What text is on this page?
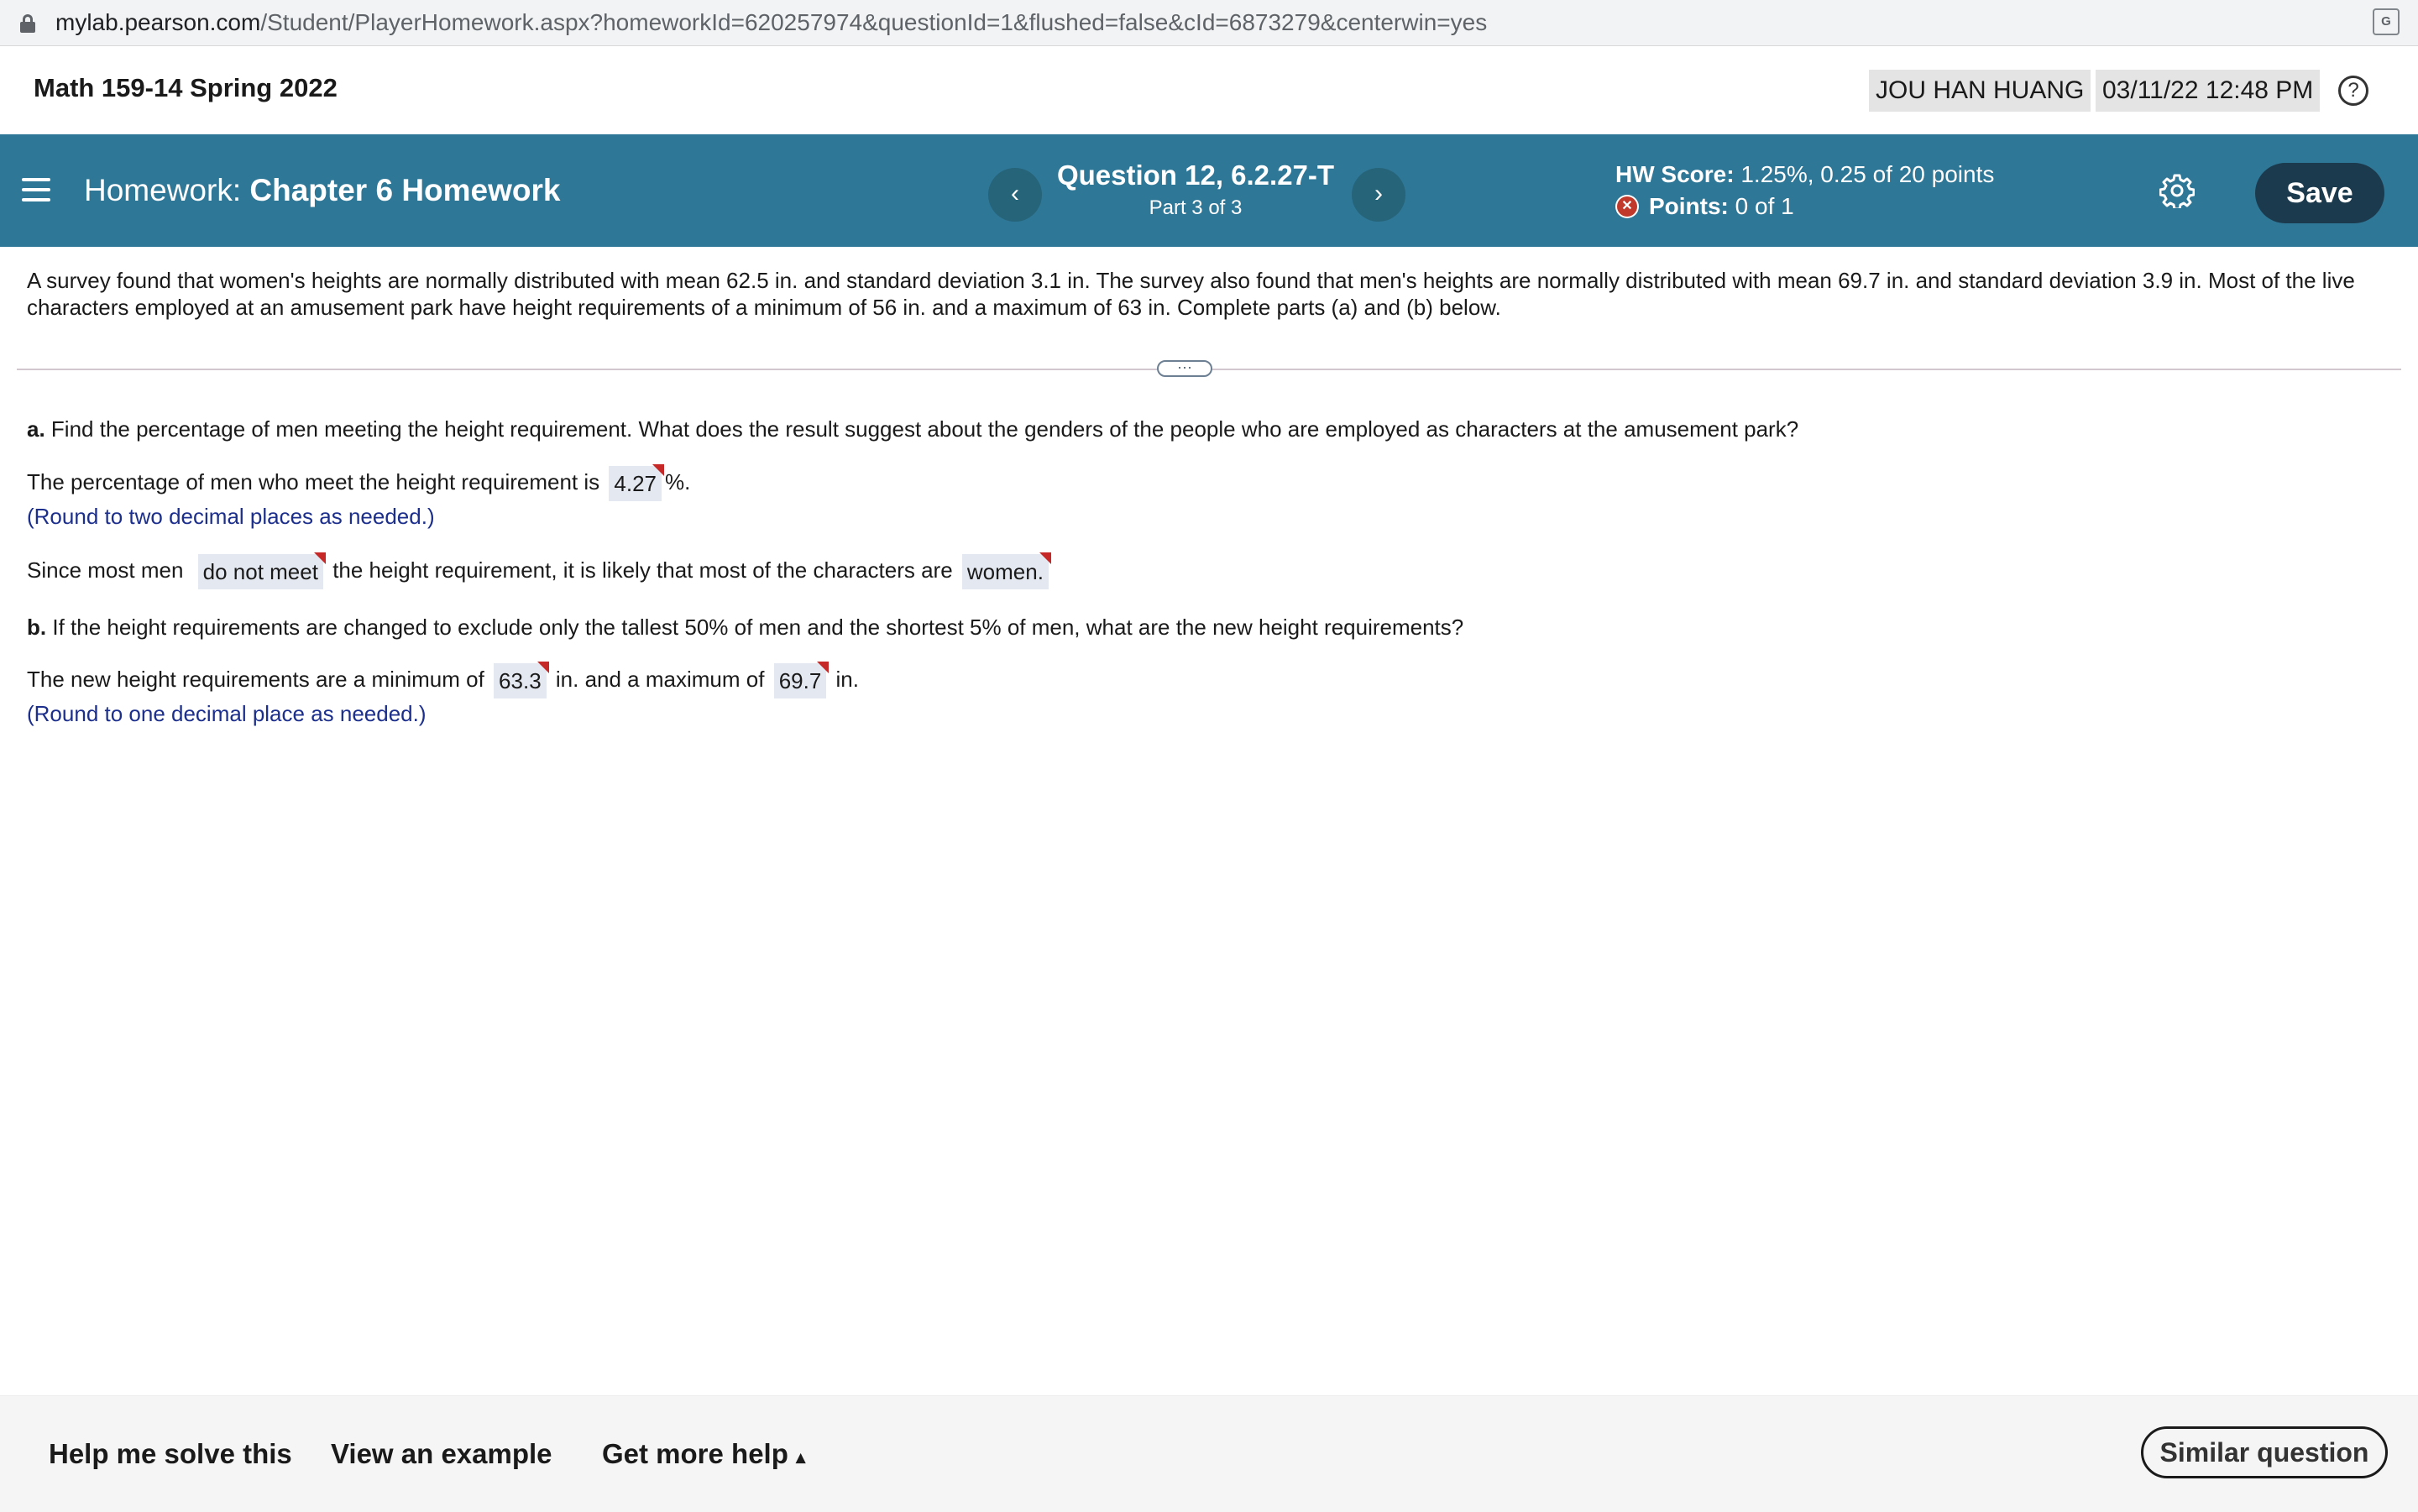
mylab.pearson.com/Student/PlayerHomework.aspx?homeworkId=620257974&questionId=1&flushed=false&cId=6873279&centerwin=yes	G
Math 159-14 Spring 2022	JOU HAN HUANG 03/11/22 12:48 PM	?
Homework: Chapter 6 Homework	‹
Question 12, 6.2.27-T
Part 3 of 3
›
HW Score: 1.25%, 0.25 of 20 points
✕Points: 0 of 1	Save
A survey found that women's heights are normally distributed with mean 62.5 in. and standard deviation 3.1 in. The survey also found that men's heights are normally distributed with mean 69.7 in. and standard deviation 3.9 in. Most of the live characters employed at an amusement park have height requirements of a minimum of 56 in. and a maximum of 63 in. Complete parts (a) and (b) below.
···
a. Find the percentage of men meeting the height requirement. What does the result suggest about the genders of the people who are employed as characters at the amusement park?
The percentage of men who meet the height requirement is 4.27 %.
(Round to two decimal places as needed.)
Since most men do not meet the height requirement, it is likely that most of the characters are women.
b. If the height requirements are changed to exclude only the tallest 50% of men and the shortest 5% of men, what are the new height requirements?
The new height requirements are a minimum of 63.3 in. and a maximum of 69.7 in.
(Round to one decimal place as needed.)
Help me solve this View an example Get more help ▴	Similar question
